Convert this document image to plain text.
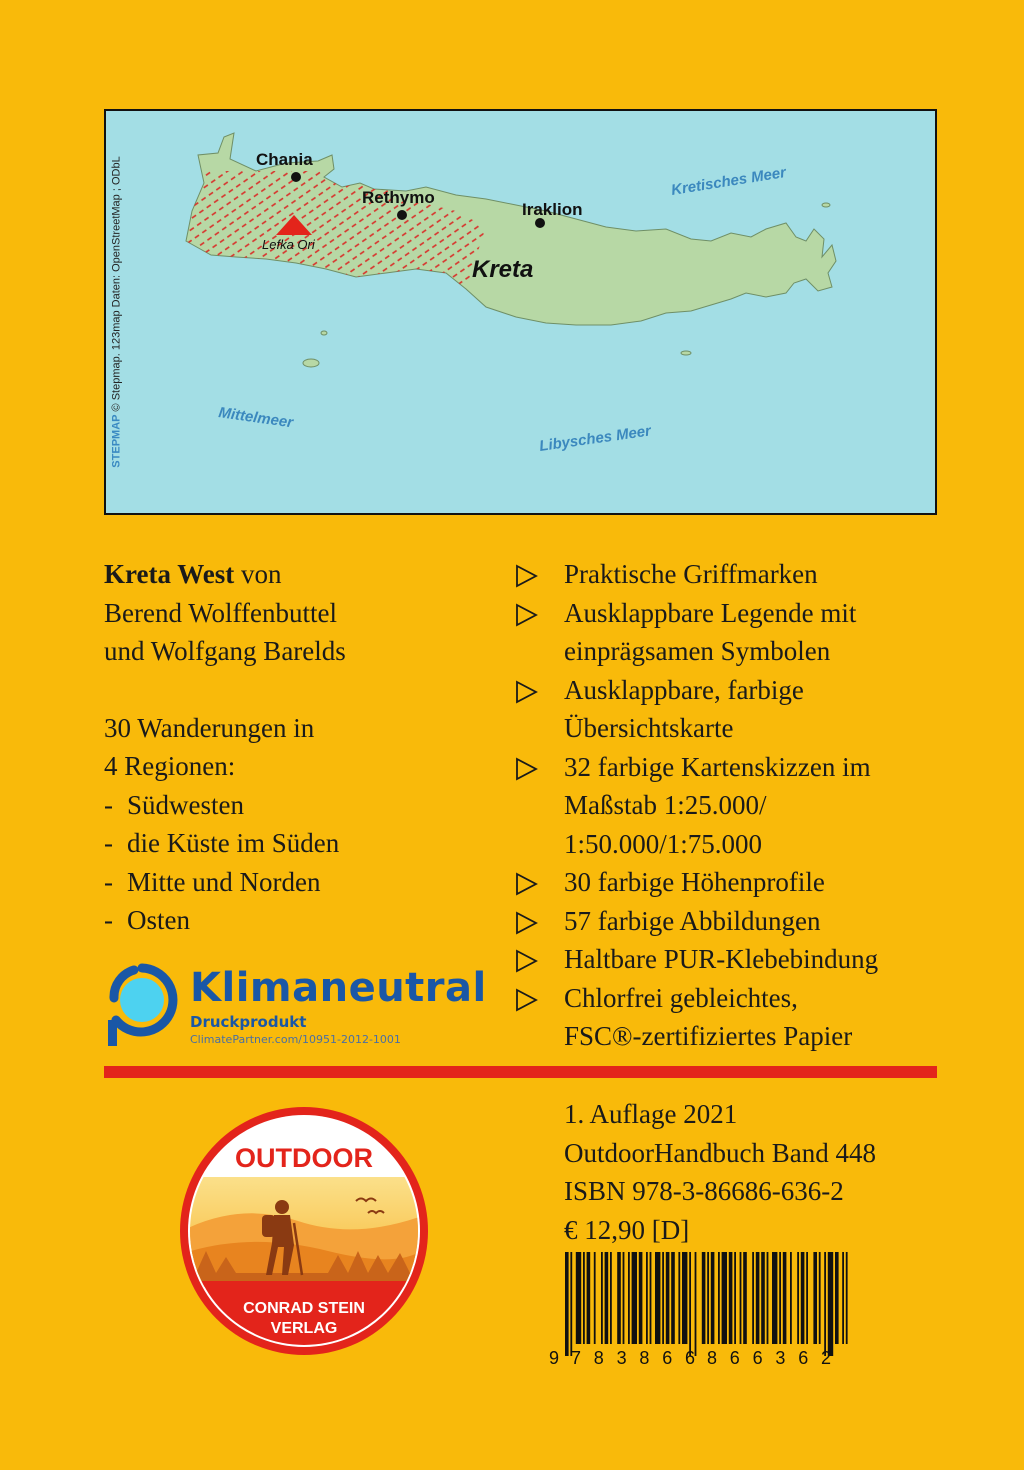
Lefka Ori
Chania
Rethymo
Iraklion
Kreta
Kretisches Meer
Mittelmeer
Libysches Meer
STEPMAP © Stepmap. 123map Daten: OpenStreetMap ; ODbL

Kreta West von

Berend Wolffenbuttel

und Wolfgang Barelds

30 Wanderungen in

4 Regionen:

- Südwesten

- die Küste im Süden

- Mitte und Norden

- Osten

Praktische Griffmarken
Ausklappbare Legende mit
einprägsamen Symbolen
Ausklappbare, farbige
Übersichtskarte
32 farbige Kartenskizzen im
Maßstab 1:25.000/
1:50.000/1:75.000
30 farbige Höhenprofile
57 farbige Abbildungen
Haltbare PUR-Klebebindung
Chlorfrei gebleichtes,
FSC®-zertifiziertes Papier
Klimaneutral
Druckprodukt
ClimatePartner.com/10951-2012-1001
OUTDOOR
CONRAD STEIN
VERLAG

1. Auflage 2021

OutdoorHandbuch Band 448

ISBN 978-3-86686-636-2

€ 12,90 [D]

9 783866 866362
